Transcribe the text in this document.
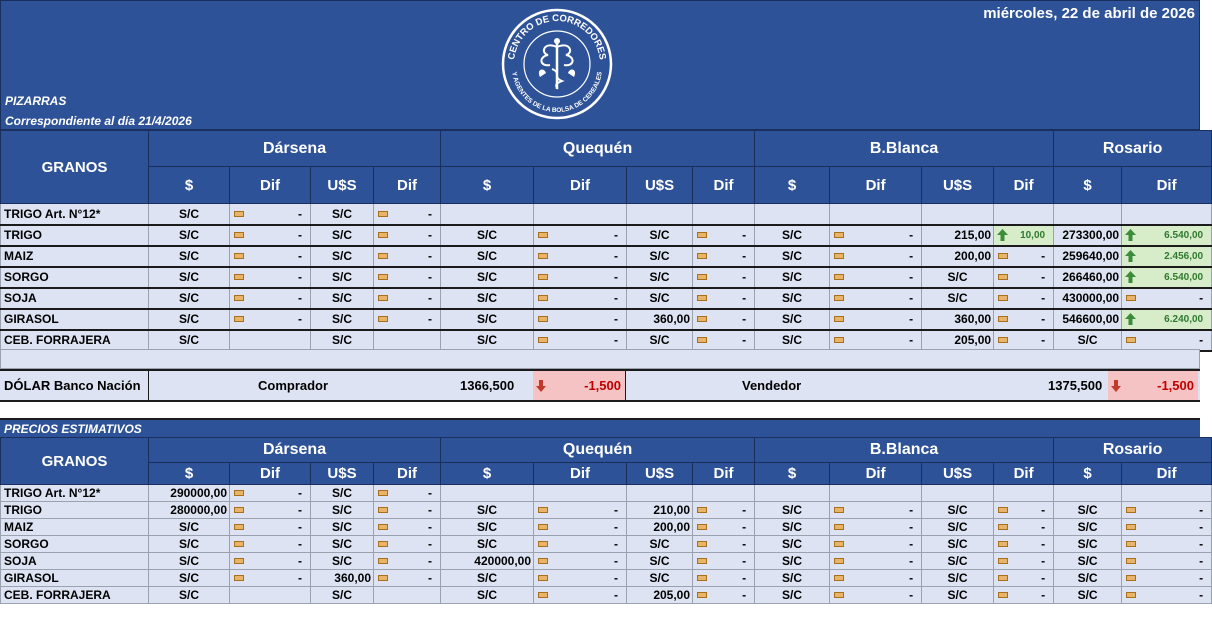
miércoles, 22 de abril de 2026
CENTRO DE CORREDORES
Y AGENTES DE LA BOLSA DE CEREALES
PIZARRAS
Correspondiente al día 21/4/2026
GRANOS	Dársena				Quequén				B.Blanca				Rosario	
	$	Dif	U$S	Dif	$	Dif	U$S	Dif	$	Dif	U$S	Dif	$	Dif
TRIGO Art. N°12*	S/C	-	S/C	-										
TRIGO	S/C	-	S/C	-	S/C	-	S/C	-	S/C	-	215,00	10,00	273300,00	6.540,00
MAIZ	S/C	-	S/C	-	S/C	-	S/C	-	S/C	-	200,00	-	259640,00	2.456,00
SORGO	S/C	-	S/C	-	S/C	-	S/C	-	S/C	-	S/C	-	266460,00	6.540,00
SOJA	S/C	-	S/C	-	S/C	-	S/C	-	S/C	-	S/C	-	430000,00	-
GIRASOL	S/C	-	S/C	-	S/C	-	360,00	-	S/C	-	360,00	-	546600,00	6.240,00
CEB. FORRAJERA	S/C		S/C		S/C	-	S/C	-	S/C	-	205,00	-	S/C	-
DÓLAR Banco Nación	Comprador	1366,500	-1,500	Vendedor	1375,500	-1,500
PRECIOS ESTIMATIVOS
GRANOS	Dársena				Quequén				B.Blanca				Rosario	
	$	Dif	U$S	Dif	$	Dif	U$S	Dif	$	Dif	U$S	Dif	$	Dif
TRIGO Art. N°12*	290000,00	-	S/C	-										
TRIGO	280000,00	-	S/C	-	S/C	-	210,00	-	S/C	-	S/C	-	S/C	-
MAIZ	S/C	-	S/C	-	S/C	-	200,00	-	S/C	-	S/C	-	S/C	-
SORGO	S/C	-	S/C	-	S/C	-	S/C	-	S/C	-	S/C	-	S/C	-
SOJA	S/C	-	S/C	-	420000,00	-	S/C	-	S/C	-	S/C	-	S/C	-
GIRASOL	S/C	-	360,00	-	S/C	-	S/C	-	S/C	-	S/C	-	S/C	-
CEB. FORRAJERA	S/C		S/C		S/C	-	205,00	-	S/C	-	S/C	-	S/C	-
